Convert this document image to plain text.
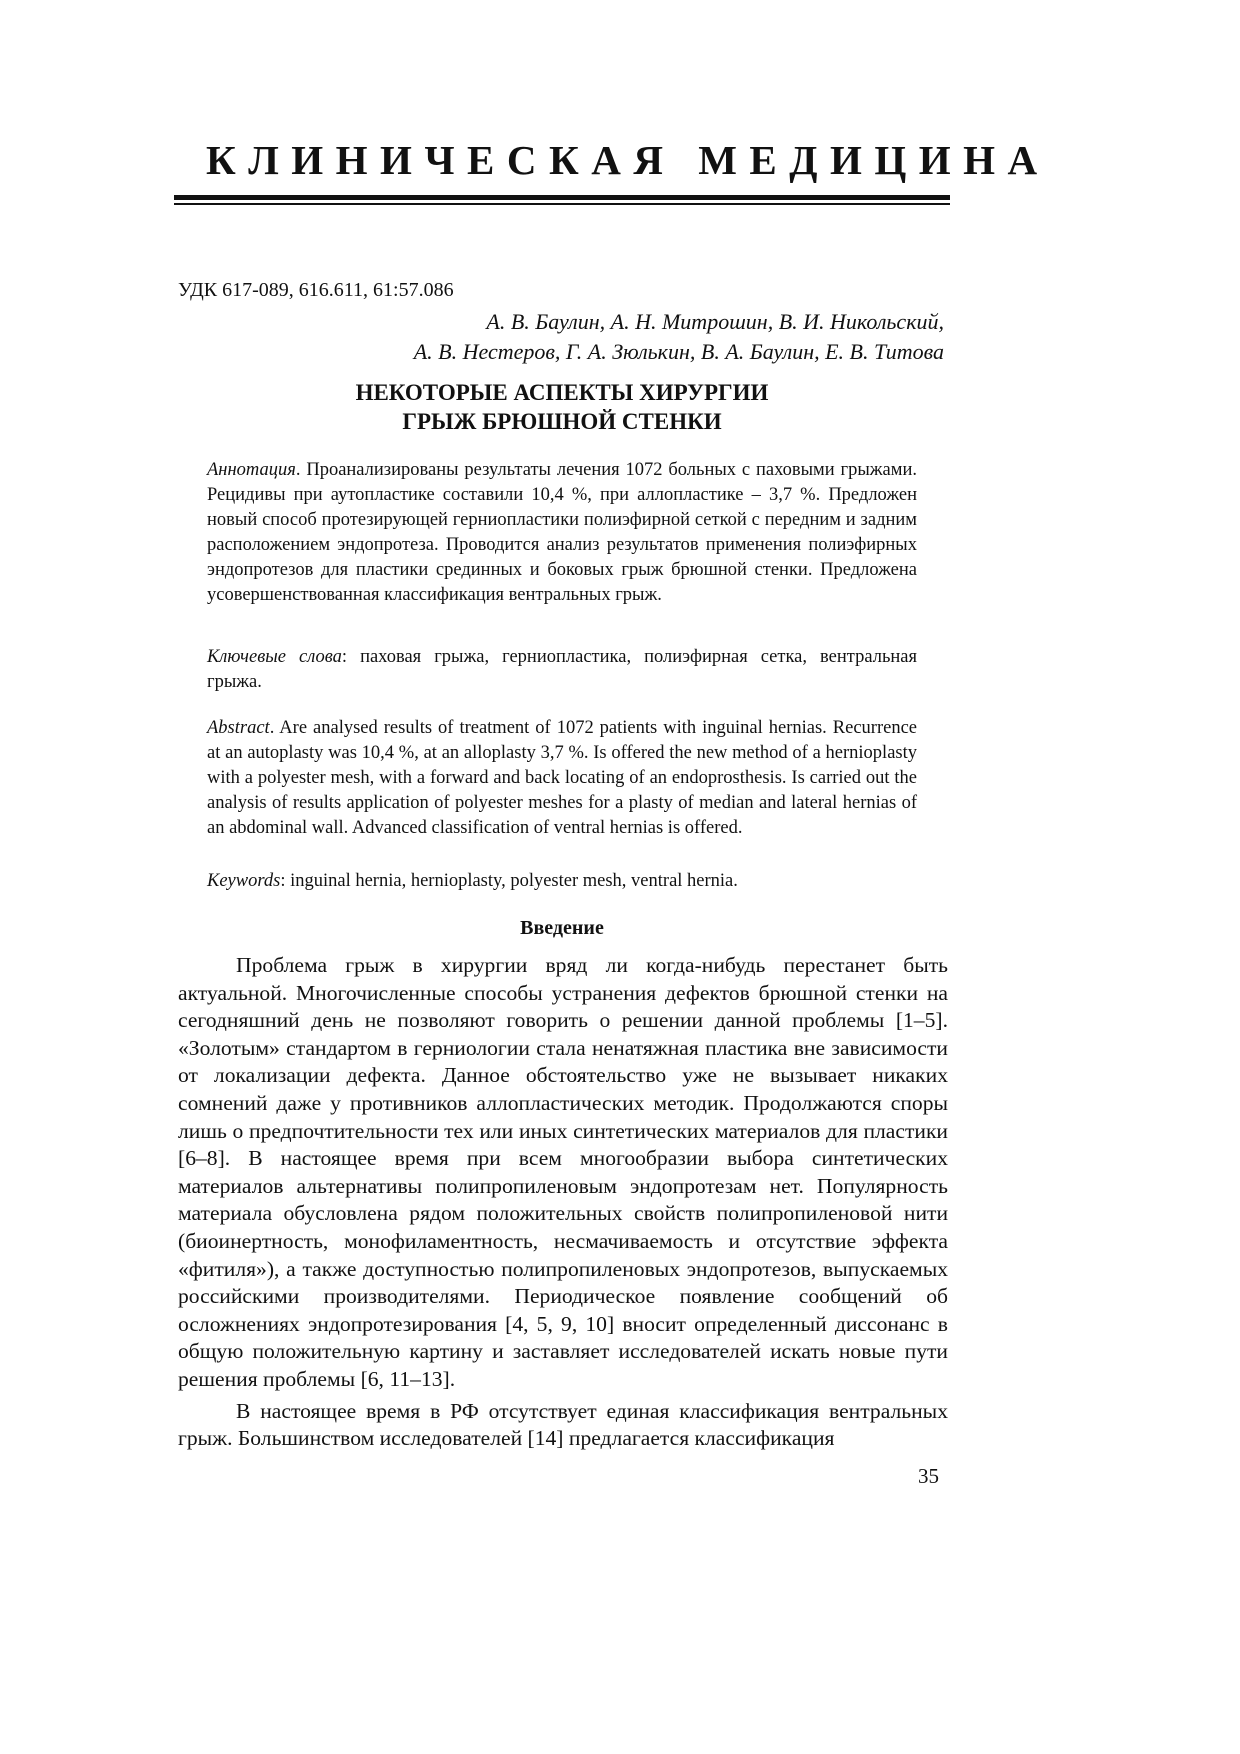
КЛИНИЧЕСКАЯ МЕДИЦИНА
УДК 617-089, 616.611, 61:57.086
А. В. Баулин, А. Н. Митрошин, В. И. Никольский,
А. В. Нестеров, Г. А. Зюлькин, В. А. Баулин, Е. В. Титова
НЕКОТОРЫЕ АСПЕКТЫ ХИРУРГИИ
ГРЫЖ БРЮШНОЙ СТЕНКИ

Аннотация. Проанализированы результаты лечения 1072 больных с паховыми грыжами. Рецидивы при аутопластике составили 10,4 %, при аллопластике – 3,7 %. Предложен новый способ протезирующей герниопластики полиэфирной сеткой с передним и задним расположением эндопротеза. Проводится анализ результатов применения полиэфирных эндопротезов для пластики срединных и боковых грыж брюшной стенки. Предложена усовершенствованная классификация вентральных грыж.

Ключевые слова: паховая грыжа, герниопластика, полиэфирная сетка, вентральная грыжа.

Abstract. Are analysed results of treatment of 1072 patients with inguinal hernias. Recurrence at an autoplasty was 10,4 %, at an alloplasty 3,7 %. Is offered the new method of a hernioplasty with a polyester mesh, with a forward and back locating of an endoprosthesis. Is carried out the analysis of results application of polyester meshes for a plasty of median and lateral hernias of an abdominal wall. Advanced classification of ventral hernias is offered.

Keywords: inguinal hernia, hernioplasty, polyester mesh, ventral hernia.

Введение

Проблема грыж в хирургии вряд ли когда-нибудь перестанет быть актуальной. Многочисленные способы устранения дефектов брюшной стенки на сегодняшний день не позволяют говорить о решении данной проблемы [1–5]. «Золотым» стандартом в герниологии стала ненатяжная пластика вне зависимости от локализации дефекта. Данное обстоятельство уже не вызывает никаких сомнений даже у противников аллопластических методик. Продолжаются споры лишь о предпочтительности тех или иных синтетических материалов для пластики [6–8]. В настоящее время при всем многообразии выбора синтетических материалов альтернативы полипропиленовым эндопротезам нет. Популярность материала обусловлена рядом положительных свойств полипропиленовой нити (биоинертность, монофиламентность, несмачиваемость и отсутствие эффекта «фитиля»), а также доступностью полипропиленовых эндопротезов, выпускаемых российскими производителями. Периодическое появление сообщений об осложнениях эндопротезирования [4, 5, 9, 10] вносит определенный диссонанс в общую положительную картину и заставляет исследователей искать новые пути решения проблемы [6, 11–13].

В настоящее время в РФ отсутствует единая классификация вентральных грыж. Большинством исследователей [14] предлагается классификация

35
